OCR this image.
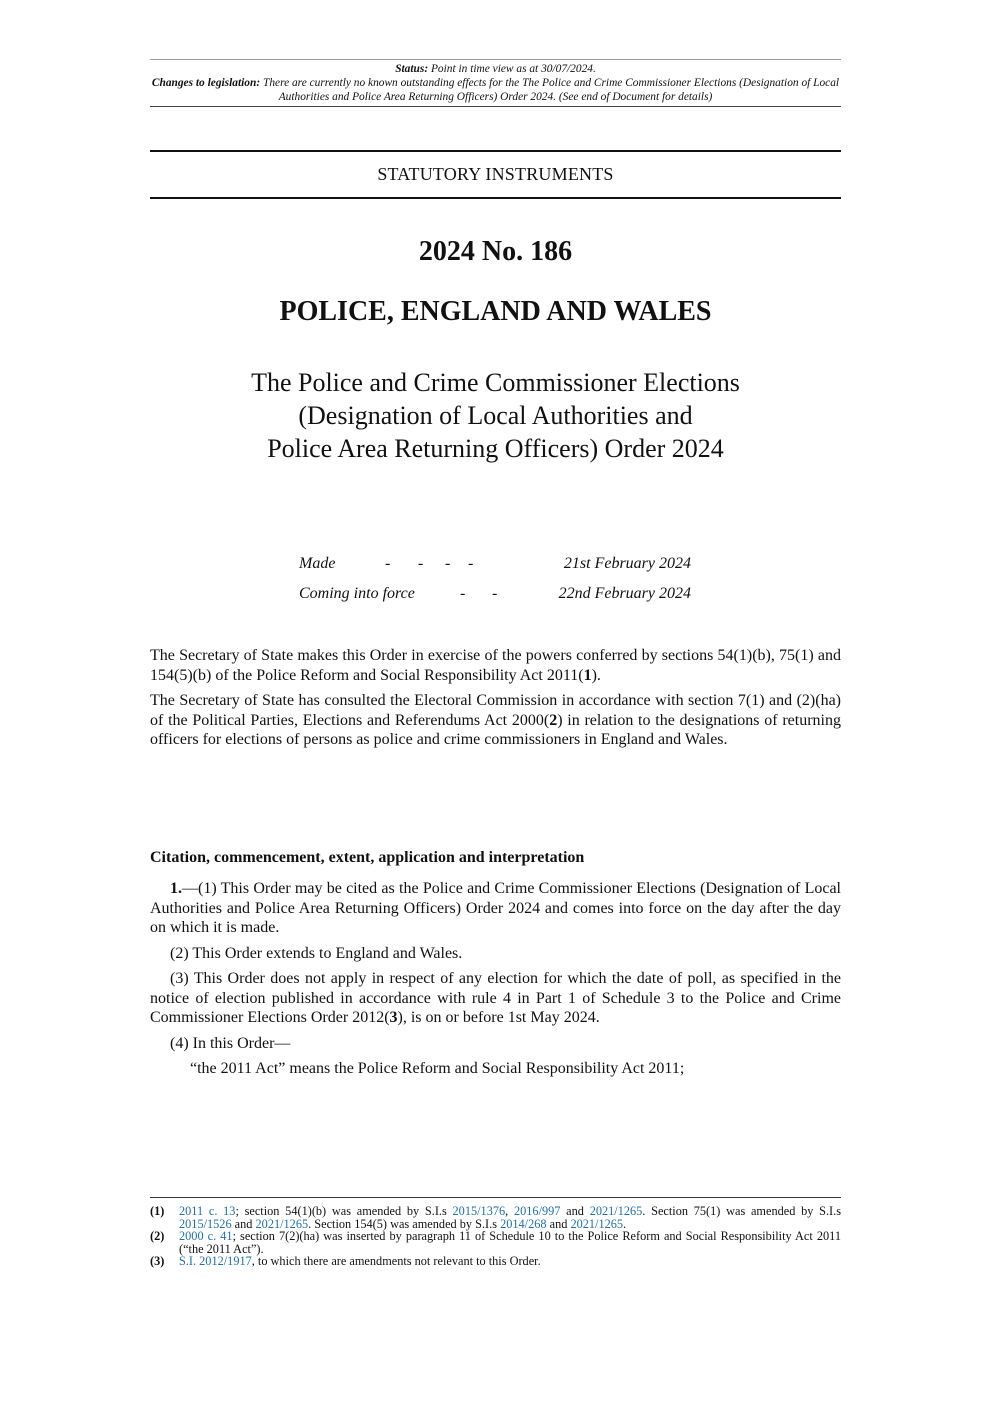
Status: Point in time view as at 30/07/2024.
Changes to legislation: There are currently no known outstanding effects for the The Police and Crime Commissioner Elections (Designation of Local Authorities and Police Area Returning Officers) Order 2024. (See end of Document for details)
STATUTORY INSTRUMENTS
2024 No. 186
POLICE, ENGLAND AND WALES
The Police and Crime Commissioner Elections
(Designation of Local Authorities and
Police Area Returning Officers) Order 2024
Made	- - - -	21st February 2024
Coming into force	- -	22nd February 2024

The Secretary of State makes this Order in exercise of the powers conferred by sections 54(1)(b), 75(1) and 154(5)(b) of the Police Reform and Social Responsibility Act 2011(1).

The Secretary of State has consulted the Electoral Commission in accordance with section 7(1) and (2)(ha) of the Political Parties, Elections and Referendums Act 2000(2) in relation to the designations of returning officers for elections of persons as police and crime commissioners in England and Wales.

Citation, commencement, extent, application and interpretation

1.—(1) This Order may be cited as the Police and Crime Commissioner Elections (Designation of Local Authorities and Police Area Returning Officers) Order 2024 and comes into force on the day after the day on which it is made.

(2) This Order extends to England and Wales.

(3) This Order does not apply in respect of any election for which the date of poll, as specified in the notice of election published in accordance with rule 4 in Part 1 of Schedule 3 to the Police and Crime Commissioner Elections Order 2012(3), is on or before 1st May 2024.

(4) In this Order—

“the 2011 Act” means the Police Reform and Social Responsibility Act 2011;

(1)	2011 c. 13; section 54(1)(b) was amended by S.I.s 2015/1376, 2016/997 and 2021/1265. Section 75(1) was amended by S.I.s 2015/1526 and 2021/1265. Section 154(5) was amended by S.I.s 2014/268 and 2021/1265.
(2)	2000 c. 41; section 7(2)(ha) was inserted by paragraph 11 of Schedule 10 to the Police Reform and Social Responsibility Act 2011 (“the 2011 Act”).
(3)	S.I. 2012/1917, to which there are amendments not relevant to this Order.
